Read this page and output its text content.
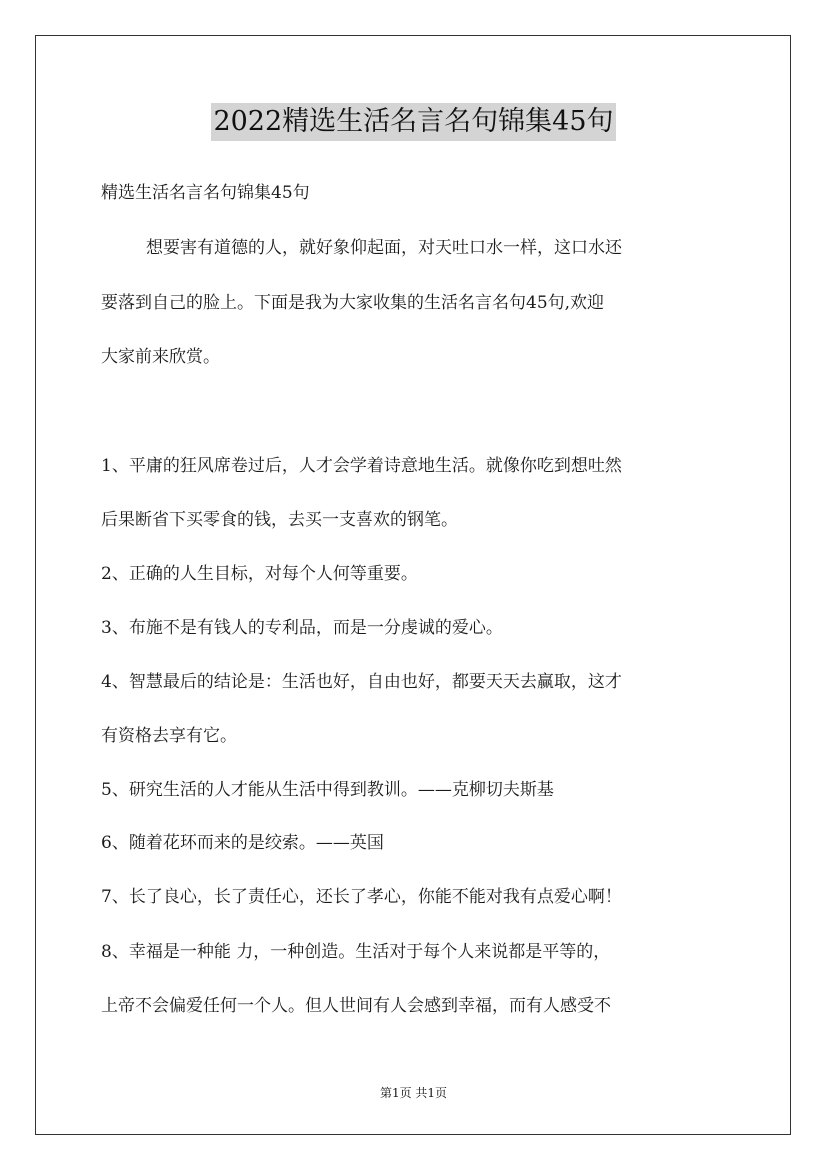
2022精选生活名言名句锦集45句
精选生活名言名句锦集45句
想要害有道德的人，就好象仰起面，对天吐口水一样，这口水还
要落到自己的脸上。下面是我为大家收集的生活名言名句45句,欢迎
大家前来欣赏。
1、平庸的狂风席卷过后，人才会学着诗意地生活。就像你吃到想吐然
后果断省下买零食的钱，去买一支喜欢的钢笔。
2、正确的人生目标，对每个人何等重要。
3、布施不是有钱人的专利品，而是一分虔诚的爱心。
4、智慧最后的结论是：生活也好，自由也好，都要天天去赢取，这才
有资格去享有它。
5、研究生活的人才能从生活中得到教训。——克柳切夫斯基
6、随着花环而来的是绞索。——英国
7、长了良心，长了责任心，还长了孝心，你能不能对我有点爱心啊！
8、幸福是一种能 力，一种创造。生活对于每个人来说都是平等的，
上帝不会偏爱任何一个人。但人世间有人会感到幸福，而有人感受不
第1页 共1页
